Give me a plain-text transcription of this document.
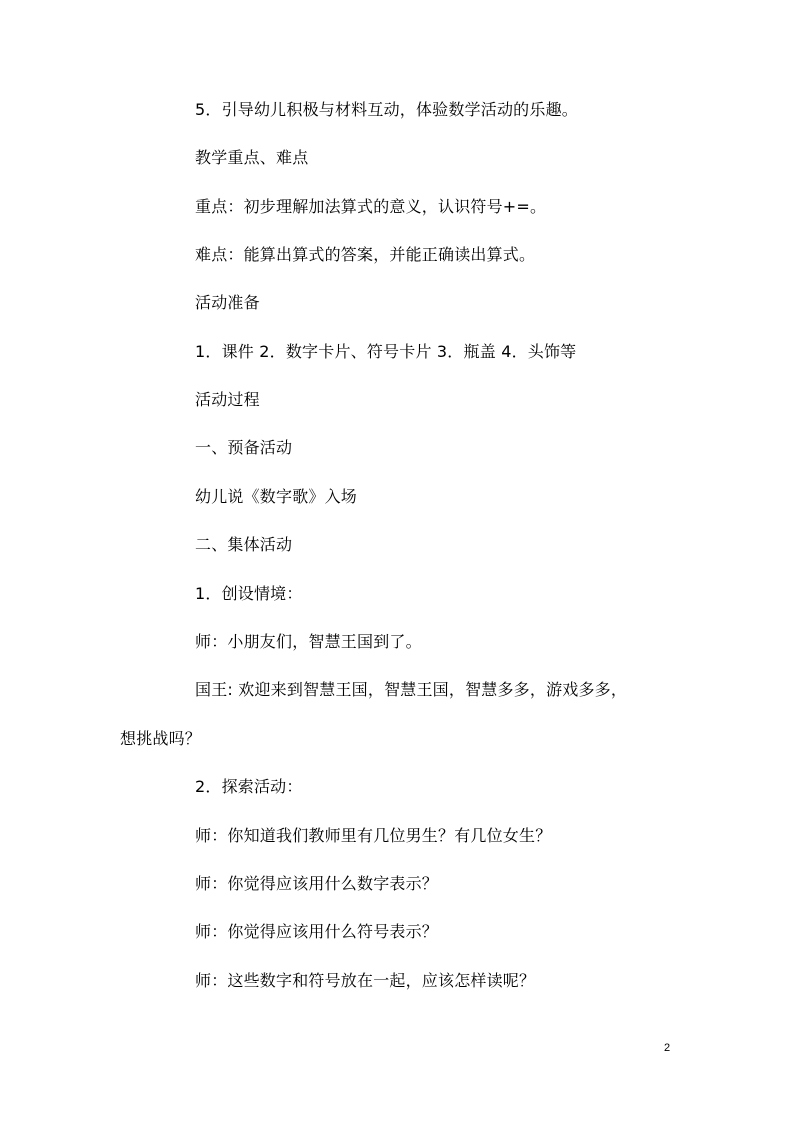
5．引导幼儿积极与材料互动，体验数学活动的乐趣。
教学重点、难点
重点：初步理解加法算式的意义，认识符号+=。
难点：能算出算式的答案，并能正确读出算式。
活动准备
1．课件 2．数字卡片、符号卡片 3．瓶盖 4．头饰等
活动过程
一、预备活动
幼儿说《数字歌》入场
二、集体活动
1．创设情境：
师：小朋友们，智慧王国到了。
国王: 欢迎来到智慧王国，智慧王国，智慧多多，游戏多多，
想挑战吗？
2．探索活动：
师：你知道我们教师里有几位男生？有几位女生？
师：你觉得应该用什么数字表示？
师：你觉得应该用什么符号表示？
师：这些数字和符号放在一起，应该怎样读呢？
2
